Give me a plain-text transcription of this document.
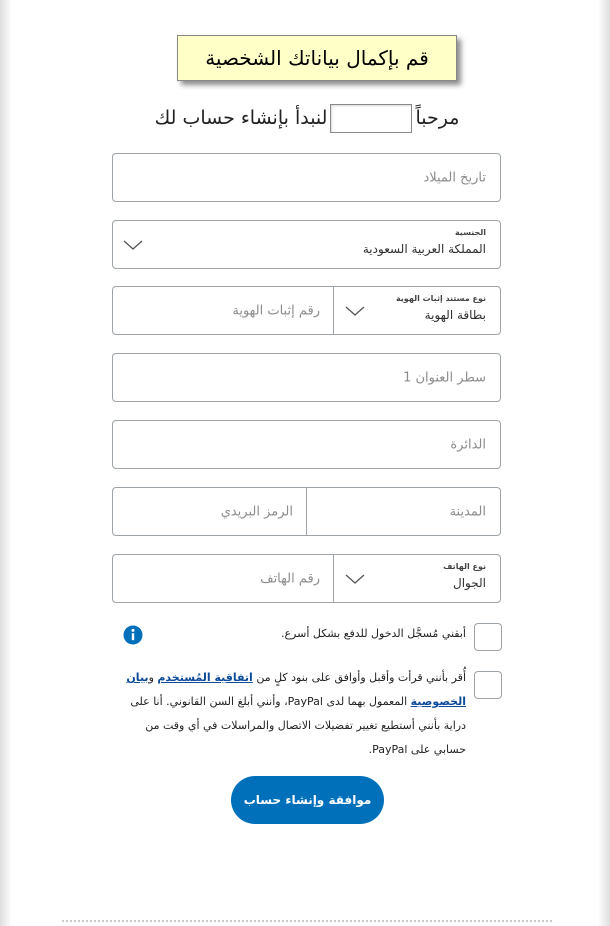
قم بإكمال بياناتك الشخصية
مرحباً
لنبدأ بإنشاء حساب لك
تاريخ الميلاد
الجنسية
المملكة العربية السعودية
نوع مستند إثبات الهوية
بطاقة الهوية
رقم إثبات الهوية
سطر العنوان 1
الدائرة
المدينة
الرمز البريدي
نوع الهاتف
الجوال
رقم الهاتف
أبقني مُسجَّل الدخول للدفع بشكل أسرع.
أُقر بأنني قرأت وأقبل وأوافق على بنود كلٍ من اتفاقية المُستخدم وبيان الخصوصية المعمول بهما لدى PayPal، وأنني أبلغ السن القانوني. أنا على دراية بأنني أستطيع تغيير تفضيلات الاتصال والمراسلات في أي وقت من حسابي على PayPal.
موافقة وإنشاء حساب
